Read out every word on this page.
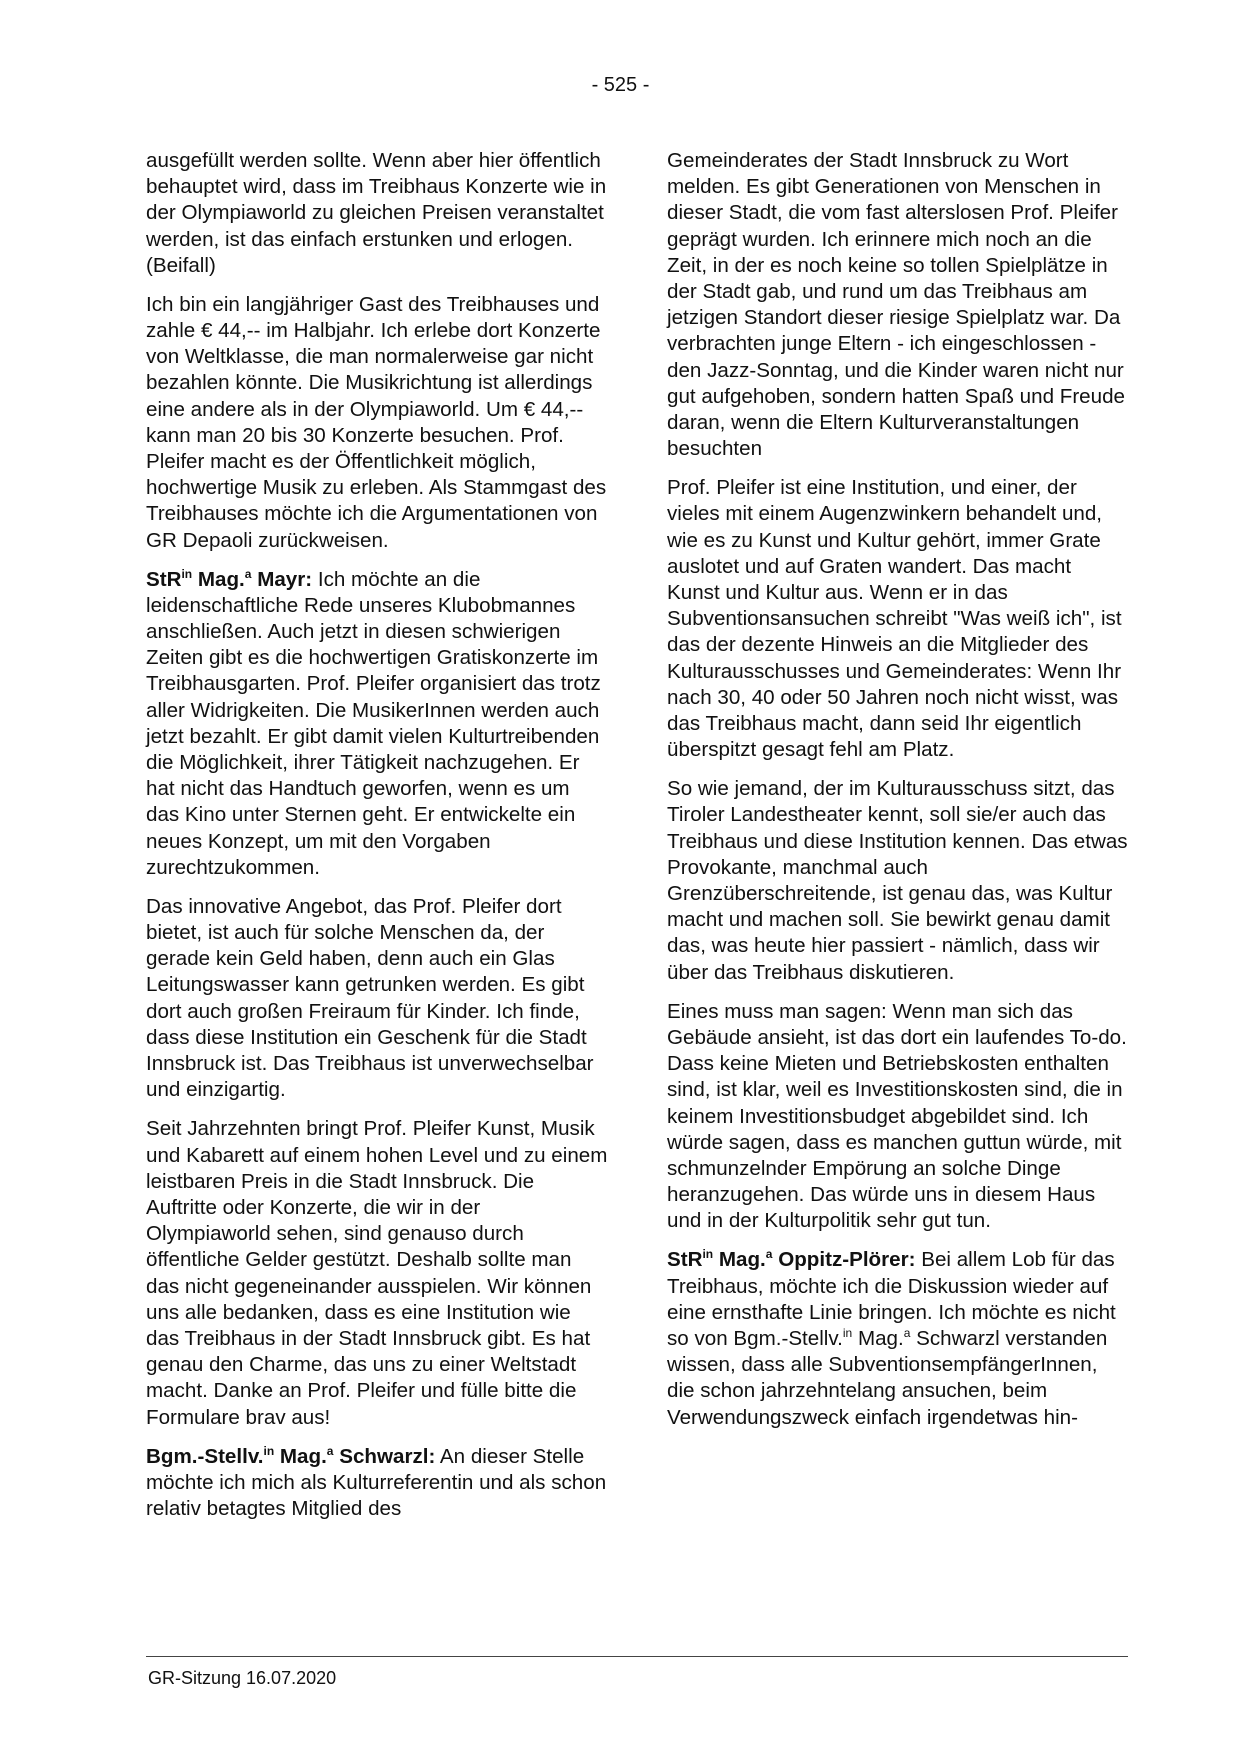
- 525 -

ausgefüllt werden sollte. Wenn aber hier öffentlich behauptet wird, dass im Treibhaus Konzerte wie in der Olympiaworld zu gleichen Preisen veranstaltet werden, ist das einfach erstunken und erlogen. (Beifall)

Ich bin ein langjähriger Gast des Treibhauses und zahle € 44,-- im Halbjahr. Ich erlebe dort Konzerte von Weltklasse, die man normalerweise gar nicht bezahlen könnte. Die Musikrichtung ist allerdings eine andere als in der Olympiaworld. Um € 44,-- kann man 20 bis 30 Konzerte besuchen. Prof. Pleifer macht es der Öffentlichkeit möglich, hochwertige Musik zu erleben. Als Stammgast des Treibhauses möchte ich die Argumentationen von GR Depaoli zurückweisen.

StR$^{in}$ Mag.$^a$ Mayr: Ich möchte an die leidenschaftliche Rede unseres Klubobmannes anschließen. Auch jetzt in diesen schwierigen Zeiten gibt es die hochwertigen Gratiskonzerte im Treibhausgarten. Prof. Pleifer organisiert das trotz aller Widrigkeiten. Die MusikerInnen werden auch jetzt bezahlt. Er gibt damit vielen Kulturtreibenden die Möglichkeit, ihrer Tätigkeit nachzugehen. Er hat nicht das Handtuch geworfen, wenn es um das Kino unter Sternen geht. Er entwickelte ein neues Konzept, um mit den Vorgaben zurechtzukommen.

Das innovative Angebot, das Prof. Pleifer dort bietet, ist auch für solche Menschen da, der gerade kein Geld haben, denn auch ein Glas Leitungswasser kann getrunken werden. Es gibt dort auch großen Freiraum für Kinder. Ich finde, dass diese Institution ein Geschenk für die Stadt Innsbruck ist. Das Treibhaus ist unverwechselbar und einzigartig.

Seit Jahrzehnten bringt Prof. Pleifer Kunst, Musik und Kabarett auf einem hohen Level und zu einem leistbaren Preis in die Stadt Innsbruck. Die Auftritte oder Konzerte, die wir in der Olympiaworld sehen, sind genauso durch öffentliche Gelder gestützt. Deshalb sollte man das nicht gegeneinander ausspielen. Wir können uns alle bedanken, dass es eine Institution wie das Treibhaus in der Stadt Innsbruck gibt. Es hat genau den Charme, das uns zu einer Weltstadt macht. Danke an Prof. Pleifer und fülle bitte die Formulare brav aus!

Bgm.-Stellv.$^{in}$ Mag.$^a$ Schwarzl: An dieser Stelle möchte ich mich als Kulturreferentin und als schon relativ betagtes Mitglied des

Gemeinderates der Stadt Innsbruck zu Wort melden. Es gibt Generationen von Menschen in dieser Stadt, die vom fast alterslosen Prof. Pleifer geprägt wurden. Ich erinnere mich noch an die Zeit, in der es noch keine so tollen Spielplätze in der Stadt gab, und rund um das Treibhaus am jetzigen Standort dieser riesige Spielplatz war. Da verbrachten junge Eltern - ich eingeschlossen - den Jazz-Sonntag, und die Kinder waren nicht nur gut aufgehoben, sondern hatten Spaß und Freude daran, wenn die Eltern Kulturveranstaltungen besuchten

Prof. Pleifer ist eine Institution, und einer, der vieles mit einem Augenzwinkern behandelt und, wie es zu Kunst und Kultur gehört, immer Grate auslotet und auf Graten wandert. Das macht Kunst und Kultur aus. Wenn er in das Subventionsansuchen schreibt "Was weiß ich", ist das der dezente Hinweis an die Mitglieder des Kulturausschusses und Gemeinderates: Wenn Ihr nach 30, 40 oder 50 Jahren noch nicht wisst, was das Treibhaus macht, dann seid Ihr eigentlich überspitzt gesagt fehl am Platz.

So wie jemand, der im Kulturausschuss sitzt, das Tiroler Landestheater kennt, soll sie/er auch das Treibhaus und diese Institution kennen. Das etwas Provokante, manchmal auch Grenzüberschreitende, ist genau das, was Kultur macht und machen soll. Sie bewirkt genau damit das, was heute hier passiert - nämlich, dass wir über das Treibhaus diskutieren.

Eines muss man sagen: Wenn man sich das Gebäude ansieht, ist das dort ein laufendes To-do. Dass keine Mieten und Betriebskosten enthalten sind, ist klar, weil es Investitionskosten sind, die in keinem Investitionsbudget abgebildet sind. Ich würde sagen, dass es manchen guttun würde, mit schmunzelnder Empörung an solche Dinge heranzugehen. Das würde uns in diesem Haus und in der Kulturpolitik sehr gut tun.

StR$^{in}$ Mag.$^a$ Oppitz-Plörer: Bei allem Lob für das Treibhaus, möchte ich die Diskussion wieder auf eine ernsthafte Linie bringen. Ich möchte es nicht so von Bgm.-Stellv.$^{in}$ Mag.$^a$ Schwarzl verstanden wissen, dass alle SubventionsempfängerInnen, die schon jahrzehntelang ansuchen, beim Verwendungszweck einfach irgendetwas hin-

GR-Sitzung 16.07.2020
